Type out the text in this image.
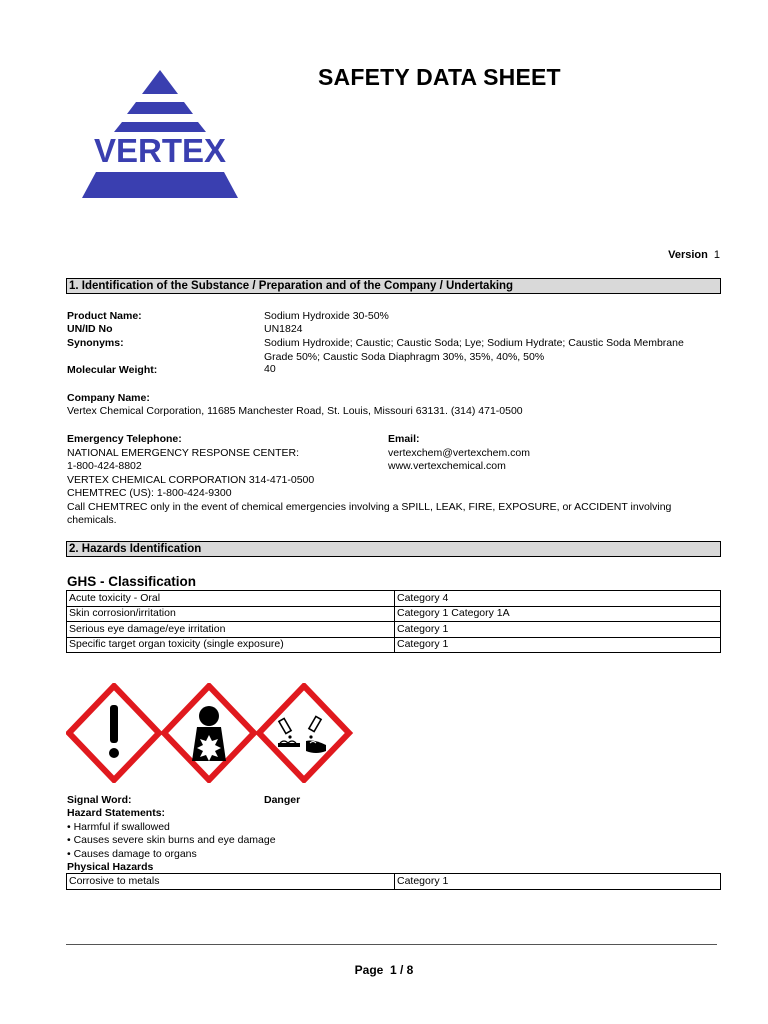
VERTEX
SAFETY DATA SHEET
Version 1
1. Identification of the Substance / Preparation and of the Company / Undertaking
Product Name:	Sodium Hydroxide 30-50%
UN/ID No	UN1824
Synonyms:	Sodium Hydroxide; Caustic; Caustic Soda; Lye; Sodium Hydrate; Caustic Soda Membrane
Grade 50%; Caustic Soda Diaphragm 30%, 35%, 40%, 50%
Molecular Weight:	40
Company Name:
Vertex Chemical Corporation, 11685 Manchester Road, St. Louis, Missouri 63131. (314) 471-0500
Emergency Telephone:
NATIONAL EMERGENCY RESPONSE CENTER:
1-800-424-8802
VERTEX CHEMICAL CORPORATION 314-471-0500
CHEMTREC (US): 1-800-424-9300
Call CHEMTREC only in the event of chemical emergencies involving a SPILL, LEAK, FIRE, EXPOSURE, or ACCIDENT involving
chemicals.
Email:
vertexchem@vertexchem.com
www.vertexchemical.com
2. Hazards Identification
GHS - Classification
Acute toxicity - Oral	Category 4
Skin corrosion/irritation	Category 1 Category 1A
Serious eye damage/eye irritation	Category 1
Specific target organ toxicity (single exposure)	Category 1
Signal Word:	Danger
Hazard Statements:
• Harmful if swallowed
• Causes severe skin burns and eye damage
• Causes damage to organs
Physical Hazards
Corrosive to metals	Category 1
Page 1 / 8
